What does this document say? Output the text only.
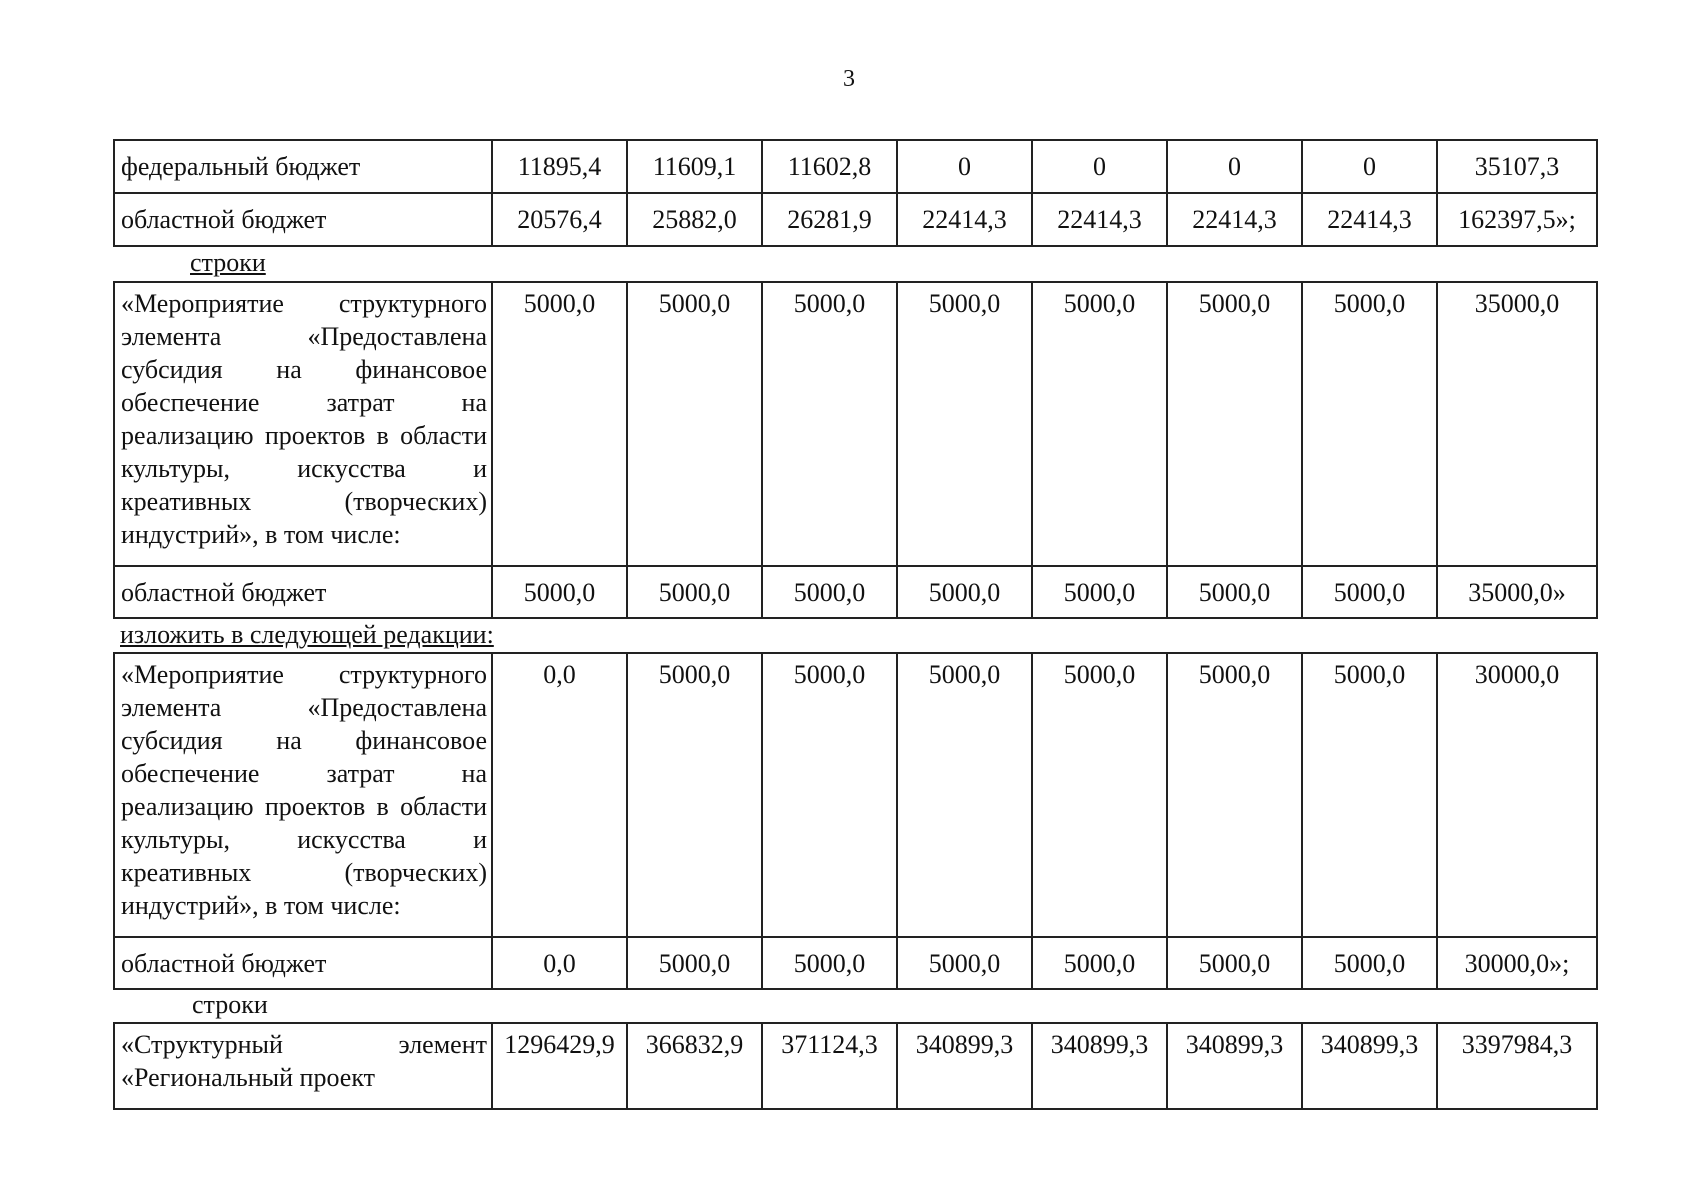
3
федеральный бюджет	11895,4	11609,1	11602,8	0	0	0	0	35107,3
областной бюджет	20576,4	25882,0	26281,9	22414,3	22414,3	22414,3	22414,3	162397,5»;
строки
«Мероприятие структурного элемента «Предоставлена субсидия на финансовое обеспечение затрат на реализацию проектов в области культуры, искусства и креативных (творческих) индустрий», в том числе:	5000,0	5000,0	5000,0	5000,0	5000,0	5000,0	5000,0	35000,0
областной бюджет	5000,0	5000,0	5000,0	5000,0	5000,0	5000,0	5000,0	35000,0»
изложить в следующей редакции:
«Мероприятие структурного элемента «Предоставлена субсидия на финансовое обеспечение затрат на реализацию проектов в области культуры, искусства и креативных (творческих) индустрий», в том числе:	0,0	5000,0	5000,0	5000,0	5000,0	5000,0	5000,0	30000,0
областной бюджет	0,0	5000,0	5000,0	5000,0	5000,0	5000,0	5000,0	30000,0»;
строки
«Структурный элемент «Региональный проект	1296429,9	366832,9	371124,3	340899,3	340899,3	340899,3	340899,3	3397984,3
